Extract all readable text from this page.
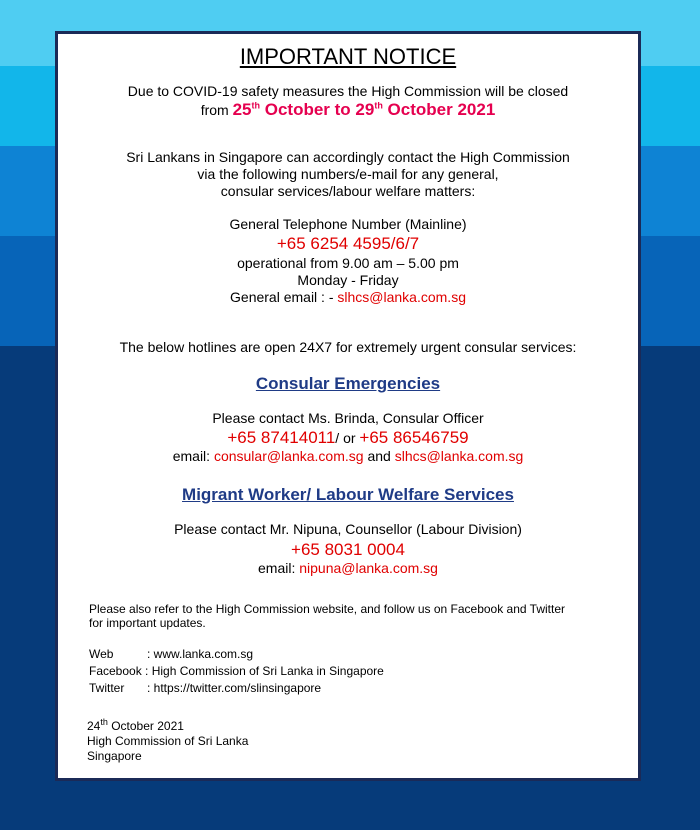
IMPORTANT NOTICE
Due to COVID-19 safety measures the High Commission will be closed
from 25th October to 29th October 2021
Sri Lankans in Singapore can accordingly contact the High Commission
via the following numbers/e-mail for any general,
consular services/labour welfare matters:
General Telephone Number (Mainline)
+65 6254 4595/6/7
operational from 9.00 am – 5.00 pm
Monday - Friday
General email : - slhcs@lanka.com.sg
The below hotlines are open 24X7 for extremely urgent consular services:
Consular Emergencies
Please contact Ms. Brinda, Consular Officer
+65 87414011/ or +65 86546759
email: consular@lanka.com.sg and slhcs@lanka.com.sg
Migrant Worker/ Labour Welfare Services
Please contact Mr. Nipuna, Counsellor (Labour Division)
+65 8031 0004
email: nipuna@lanka.com.sg
Please also refer to the High Commission website, and follow us on Facebook and Twitter
for important updates.
Web	: www.lanka.com.sg
Facebook : High Commission of Sri Lanka in Singapore
Twitter : https://twitter.com/slinsingapore
24th October 2021
High Commission of Sri Lanka
Singapore
